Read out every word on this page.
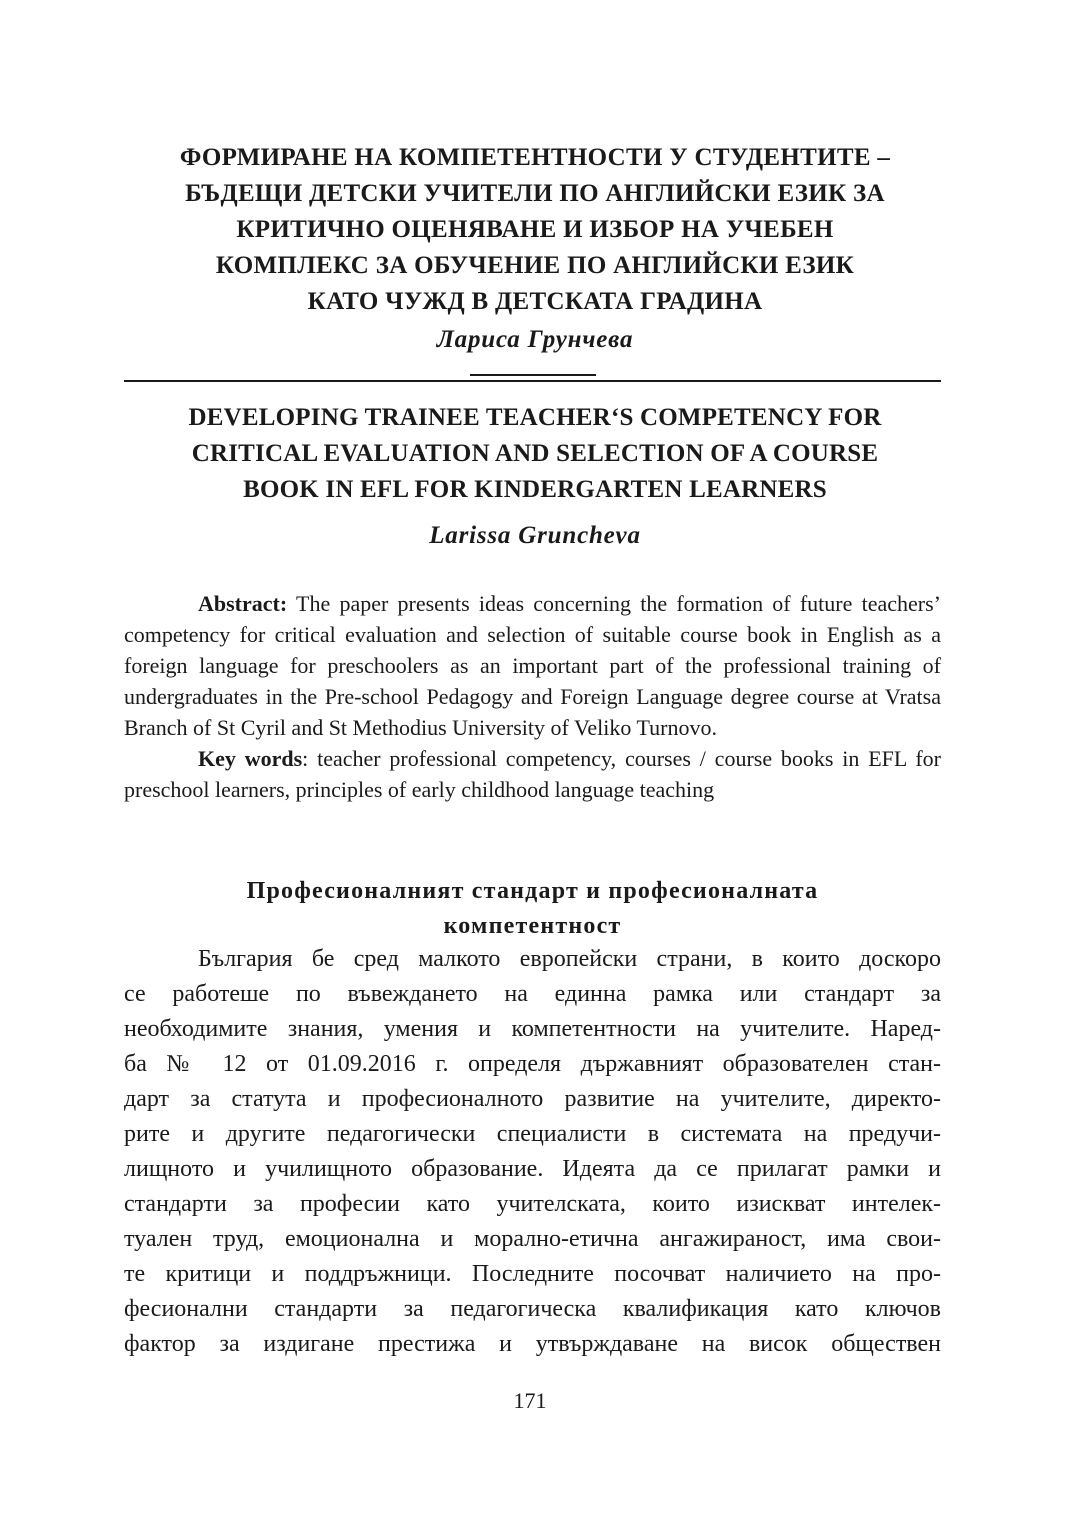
ФОРМИРАНЕ НА КОМПЕТЕНТНОСТИ У СТУДЕНТИТЕ –
БЪДЕЩИ ДЕТСКИ УЧИТЕЛИ ПО АНГЛИЙСКИ ЕЗИК ЗА
КРИТИЧНО ОЦЕНЯВАНЕ И ИЗБОР НА УЧЕБЕН
КОМПЛЕКС ЗА ОБУЧЕНИЕ ПО АНГЛИЙСКИ ЕЗИК
КАТО ЧУЖД В ДЕТСКАТА ГРАДИНА
Лариса Грунчева
DEVELOPING TRAINEE TEACHER‘S COMPETENCY FOR
CRITICAL EVALUATION AND SELECTION OF A COURSE
BOOK IN EFL FOR KINDERGARTEN LEARNERS
Larissa Gruncheva

Abstract: The paper presents ideas concerning the formation of future teachers’ competency for critical evaluation and selection of suitable course book in English as a foreign language for preschoolers as an important part of the professional training of undergraduates in the Pre-school Pedagogy and Foreign Language degree course at Vratsa Branch of St Cyril and St Methodius University of Veliko Turnovo.

Key words: teacher professional competency, courses / course books in EFL for preschool learners, principles of early childhood language teaching

Професионалният стандарт и професионалната
компетентност
България бе сред малкото европейски страни, в които доскоро
се работеше по въвеждането на единна рамка или стандарт за
необходимите знания, умения и компетентности на учителите. Наред-
ба № 12 от 01.09.2016 г. определя държавният образователен стан-
дарт за статута и професионалното развитие на учителите, директо-
рите и другите педагогически специалисти в системата на предучи-
лищното и училищното образование. Идеята да се прилагат рамки и
стандарти за професии като учителската, които изискват интелек-
туален труд, емоционална и морално-етична ангажираност, има свои-
те критици и поддръжници. Последните посочват наличието на про-
фесионални стандарти за педагогическа квалификация като ключов
фактор за издигане престижа и утвърждаване на висок обществен
171
